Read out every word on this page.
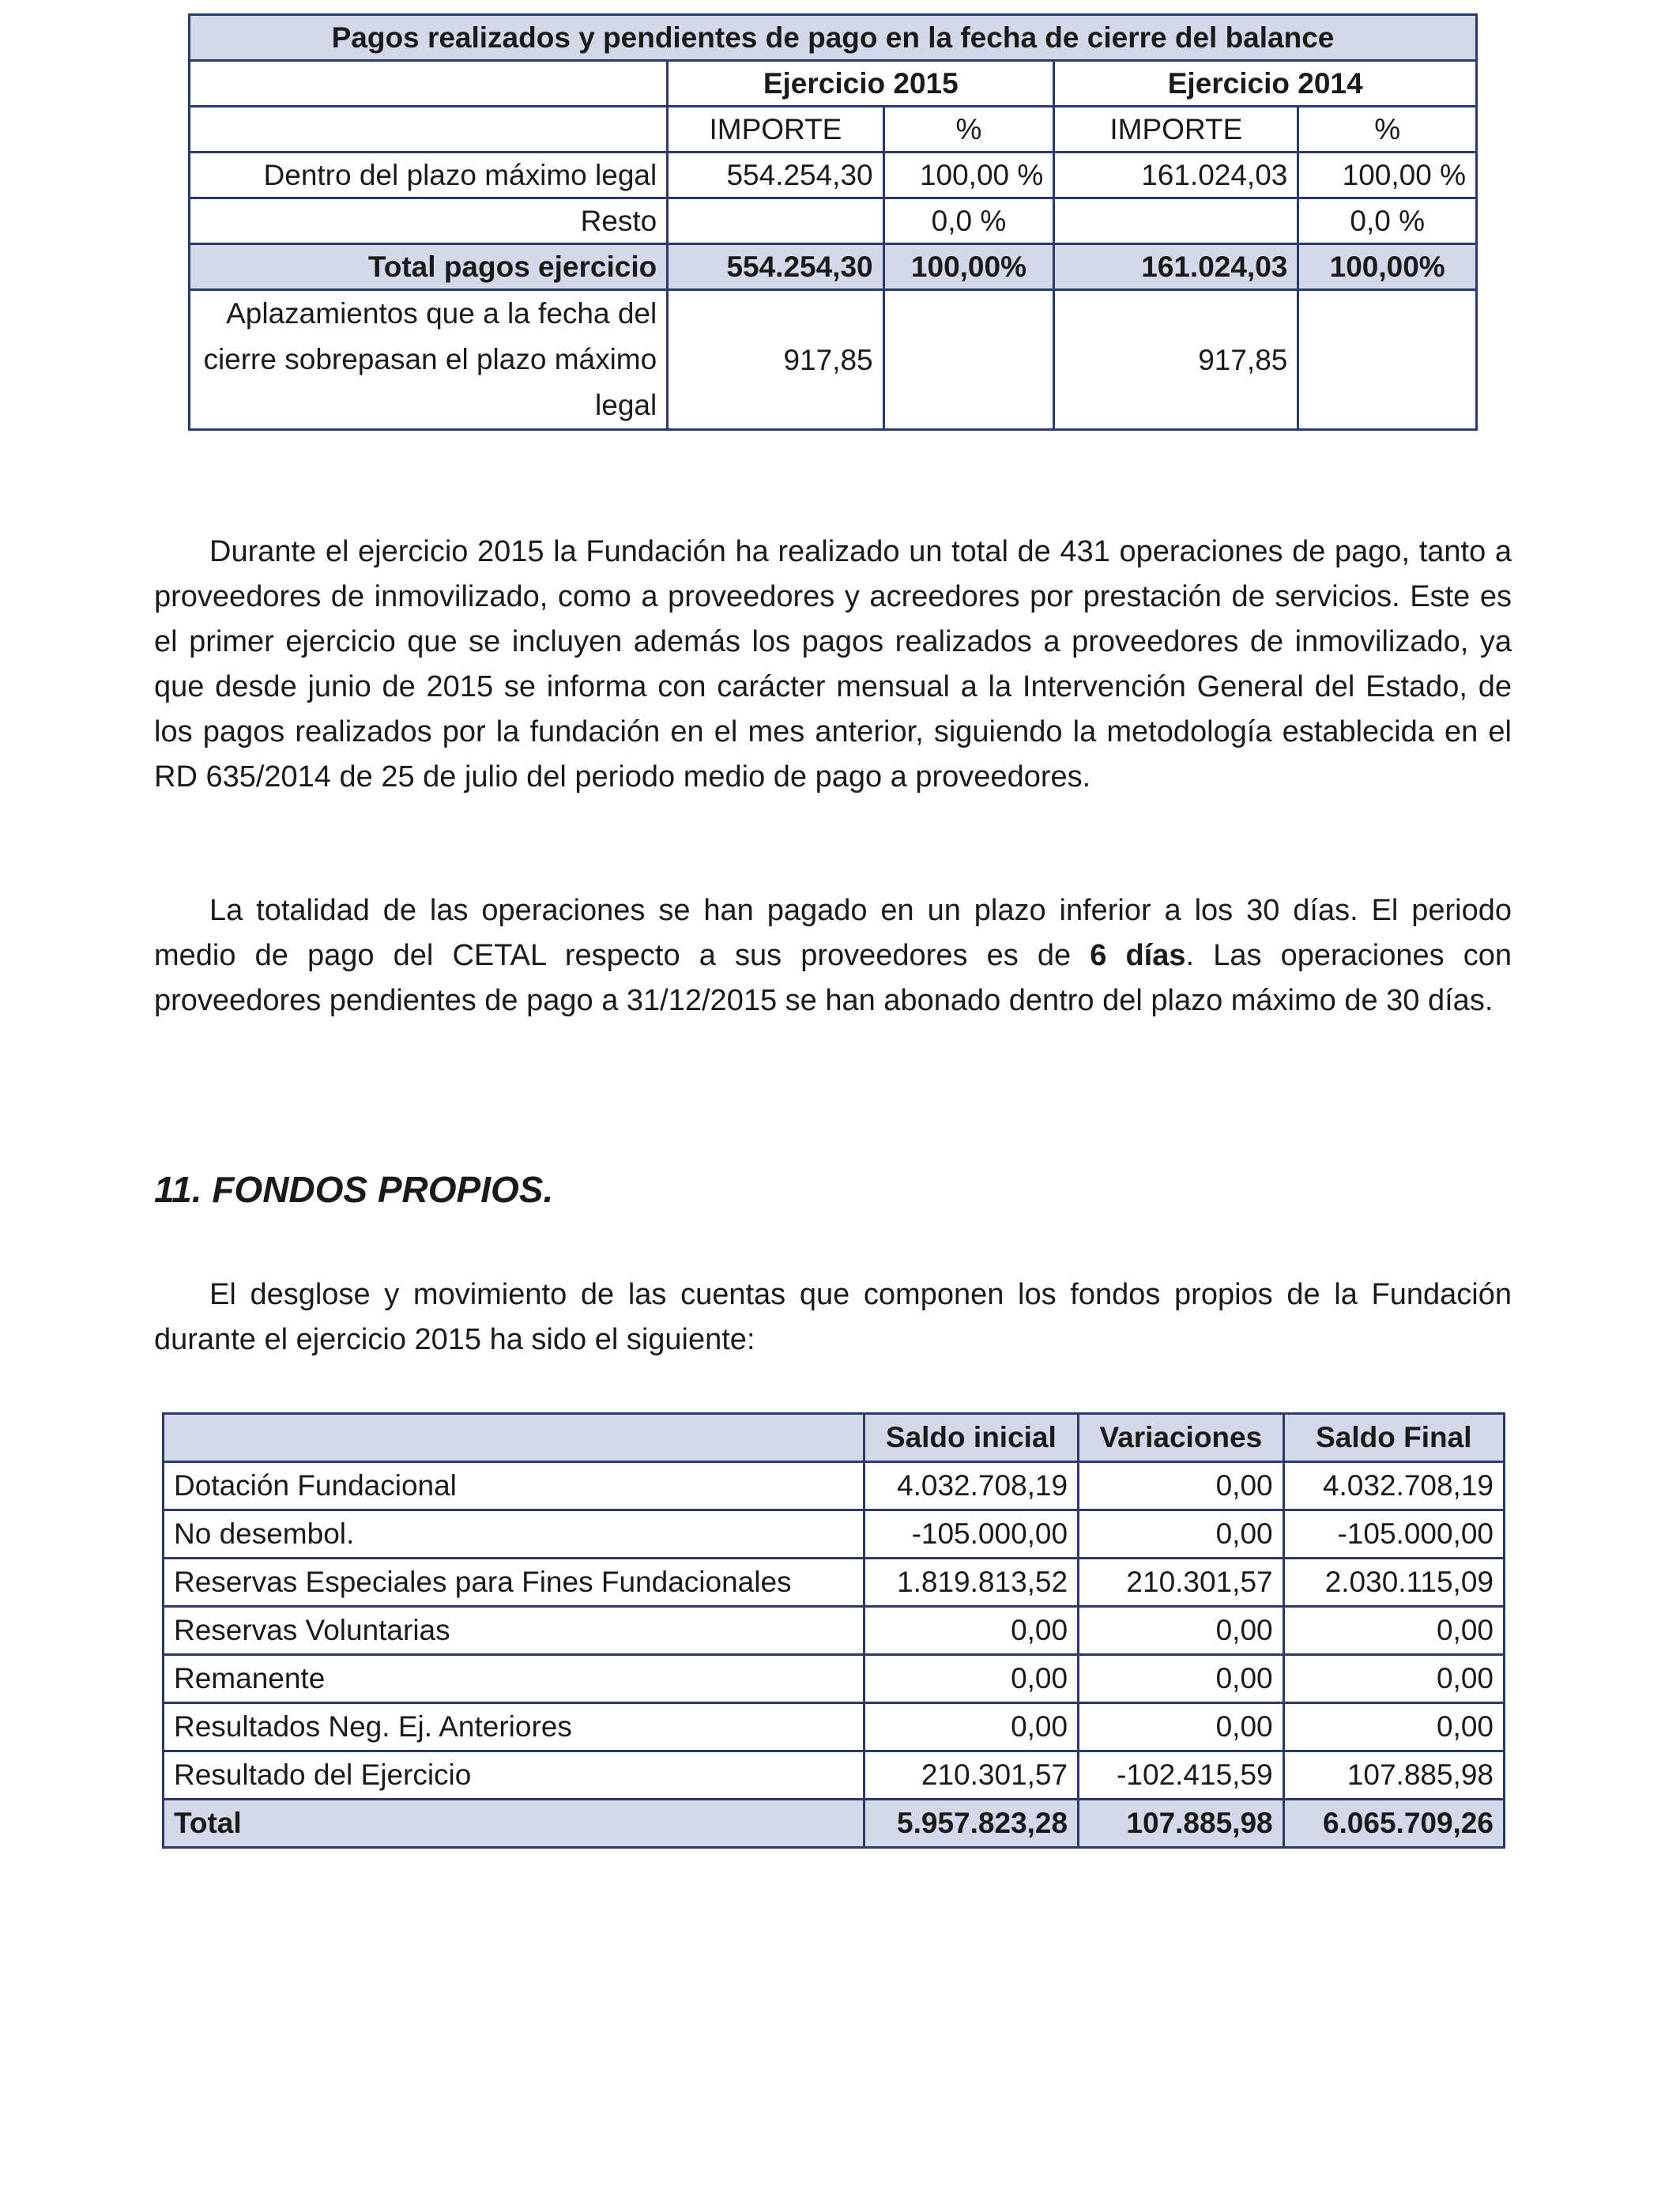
Pagos realizados y pendientes de pago en la fecha de cierre del balance				
	Ejercicio 2015		Ejercicio 2014	
	IMPORTE	%	IMPORTE	%
Dentro del plazo máximo legal	554.254,30	100,00 %	161.024,03	100,00 %
Resto		0,0 %		0,0 %
Total pagos ejercicio	554.254,30	100,00%	161.024,03	100,00%
Aplazamientos que a la fecha del cierre sobrepasan el plazo máximo legal	917,85		917,85	

Durante el ejercicio 2015 la Fundación ha realizado un total de 431 operaciones de pago, tanto a proveedores de inmovilizado, como a proveedores y acreedores por prestación de servicios. Este es el primer ejercicio que se incluyen además los pagos realizados a proveedores de inmovilizado, ya que desde junio de 2015 se informa con carácter mensual a la Intervención General del Estado, de los pagos realizados por la fundación en el mes anterior, siguiendo la metodología establecida en el RD 635/2014 de 25 de julio del periodo medio de pago a proveedores.

La totalidad de las operaciones se han pagado en un plazo inferior a los 30 días. El periodo medio de pago del CETAL respecto a sus proveedores es de 6 días. Las operaciones con proveedores pendientes de pago a 31/12/2015 se han abonado dentro del plazo máximo de 30 días.

11. FONDOS PROPIOS.

El desglose y movimiento de las cuentas que componen los fondos propios de la Fundación durante el ejercicio 2015 ha sido el siguiente:

	Saldo inicial	Variaciones	Saldo Final
Dotación Fundacional	4.032.708,19	0,00	4.032.708,19
No desembol.	-105.000,00	0,00	-105.000,00
Reservas Especiales para Fines Fundacionales	1.819.813,52	210.301,57	2.030.115,09
Reservas Voluntarias	0,00	0,00	0,00
Remanente	0,00	0,00	0,00
Resultados Neg. Ej. Anteriores	0,00	0,00	0,00
Resultado del Ejercicio	210.301,57	-102.415,59	107.885,98
Total	5.957.823,28	107.885,98	6.065.709,26
